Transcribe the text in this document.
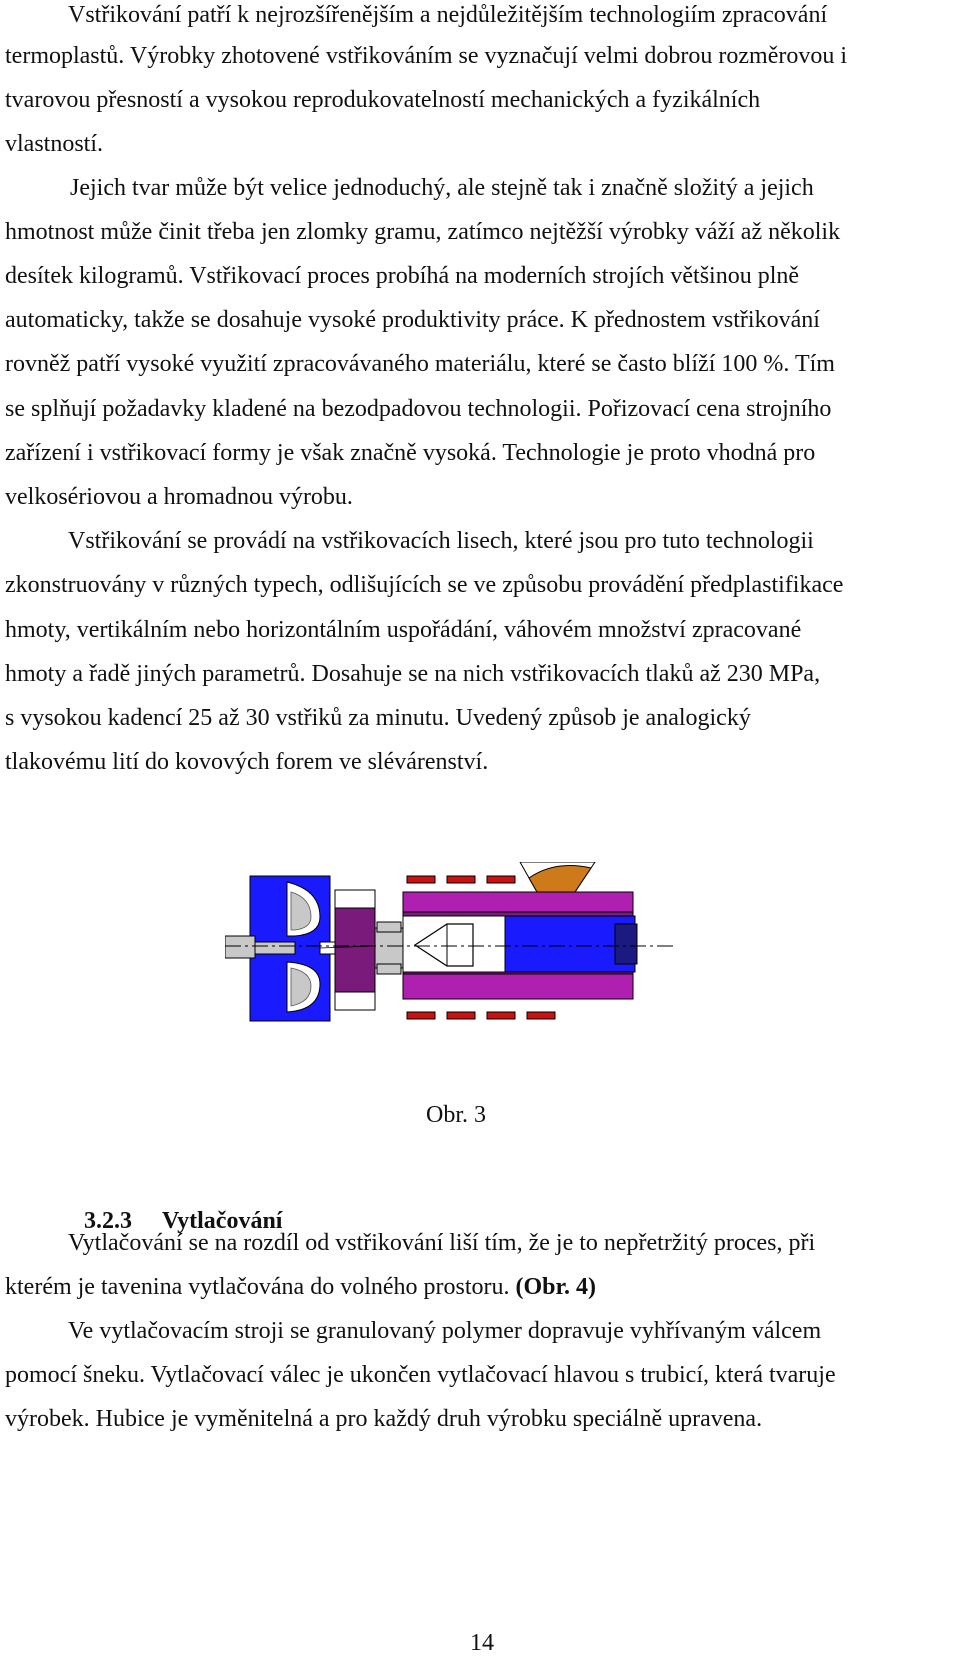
Vstřikování patří k nejrozšířenějším a nejdůležitějším technologiím zpracování
termoplastů. Výrobky zhotovené vstřikováním se vyznačují velmi dobrou rozměrovou i
tvarovou přesností a vysokou reprodukovatelností mechanických a fyzikálních
vlastností.
Jejich tvar může být velice jednoduchý, ale stejně tak i značně složitý a jejich
hmotnost může činit třeba jen zlomky gramu, zatímco nejtěžší výrobky váží až několik
desítek kilogramů. Vstřikovací proces probíhá na moderních strojích většinou plně
automaticky, takže se dosahuje vysoké produktivity práce. K přednostem vstřikování
rovněž patří vysoké využití zpracovávaného materiálu, které se často blíží 100 %. Tím
se splňují požadavky kladené na bezodpadovou technologii. Pořizovací cena strojního
zařízení i vstřikovací formy je však značně vysoká. Technologie je proto vhodná pro
velkosériovou a hromadnou výrobu.
Vstřikování se provádí na vstřikovacích lisech, které jsou pro tuto technologii
zkonstruovány v různých typech, odlišujících se ve způsobu provádění předplastifikace
hmoty, vertikálním nebo horizontálním uspořádání, váhovém množství zpracované
hmoty a řadě jiných parametrů. Dosahuje se na nich vstřikovacích tlaků až 230 MPa,
s vysokou kadencí 25 až 30 vstřiků za minutu. Uvedený způsob je analogický
tlakovému lití do kovových forem ve slévárenství.
Obr. 3
3.2.3 Vytlačování
Vytlačování se na rozdíl od vstřikování liší tím, že je to nepřetržitý proces, při
kterém je tavenina vytlačována do volného prostoru. (Obr. 4)
Ve vytlačovacím stroji se granulovaný polymer dopravuje vyhřívaným válcem
pomocí šneku. Vytlačovací válec je ukončen vytlačovací hlavou s trubicí, která tvaruje
výrobek. Hubice je vyměnitelná a pro každý druh výrobku speciálně upravena.
14
